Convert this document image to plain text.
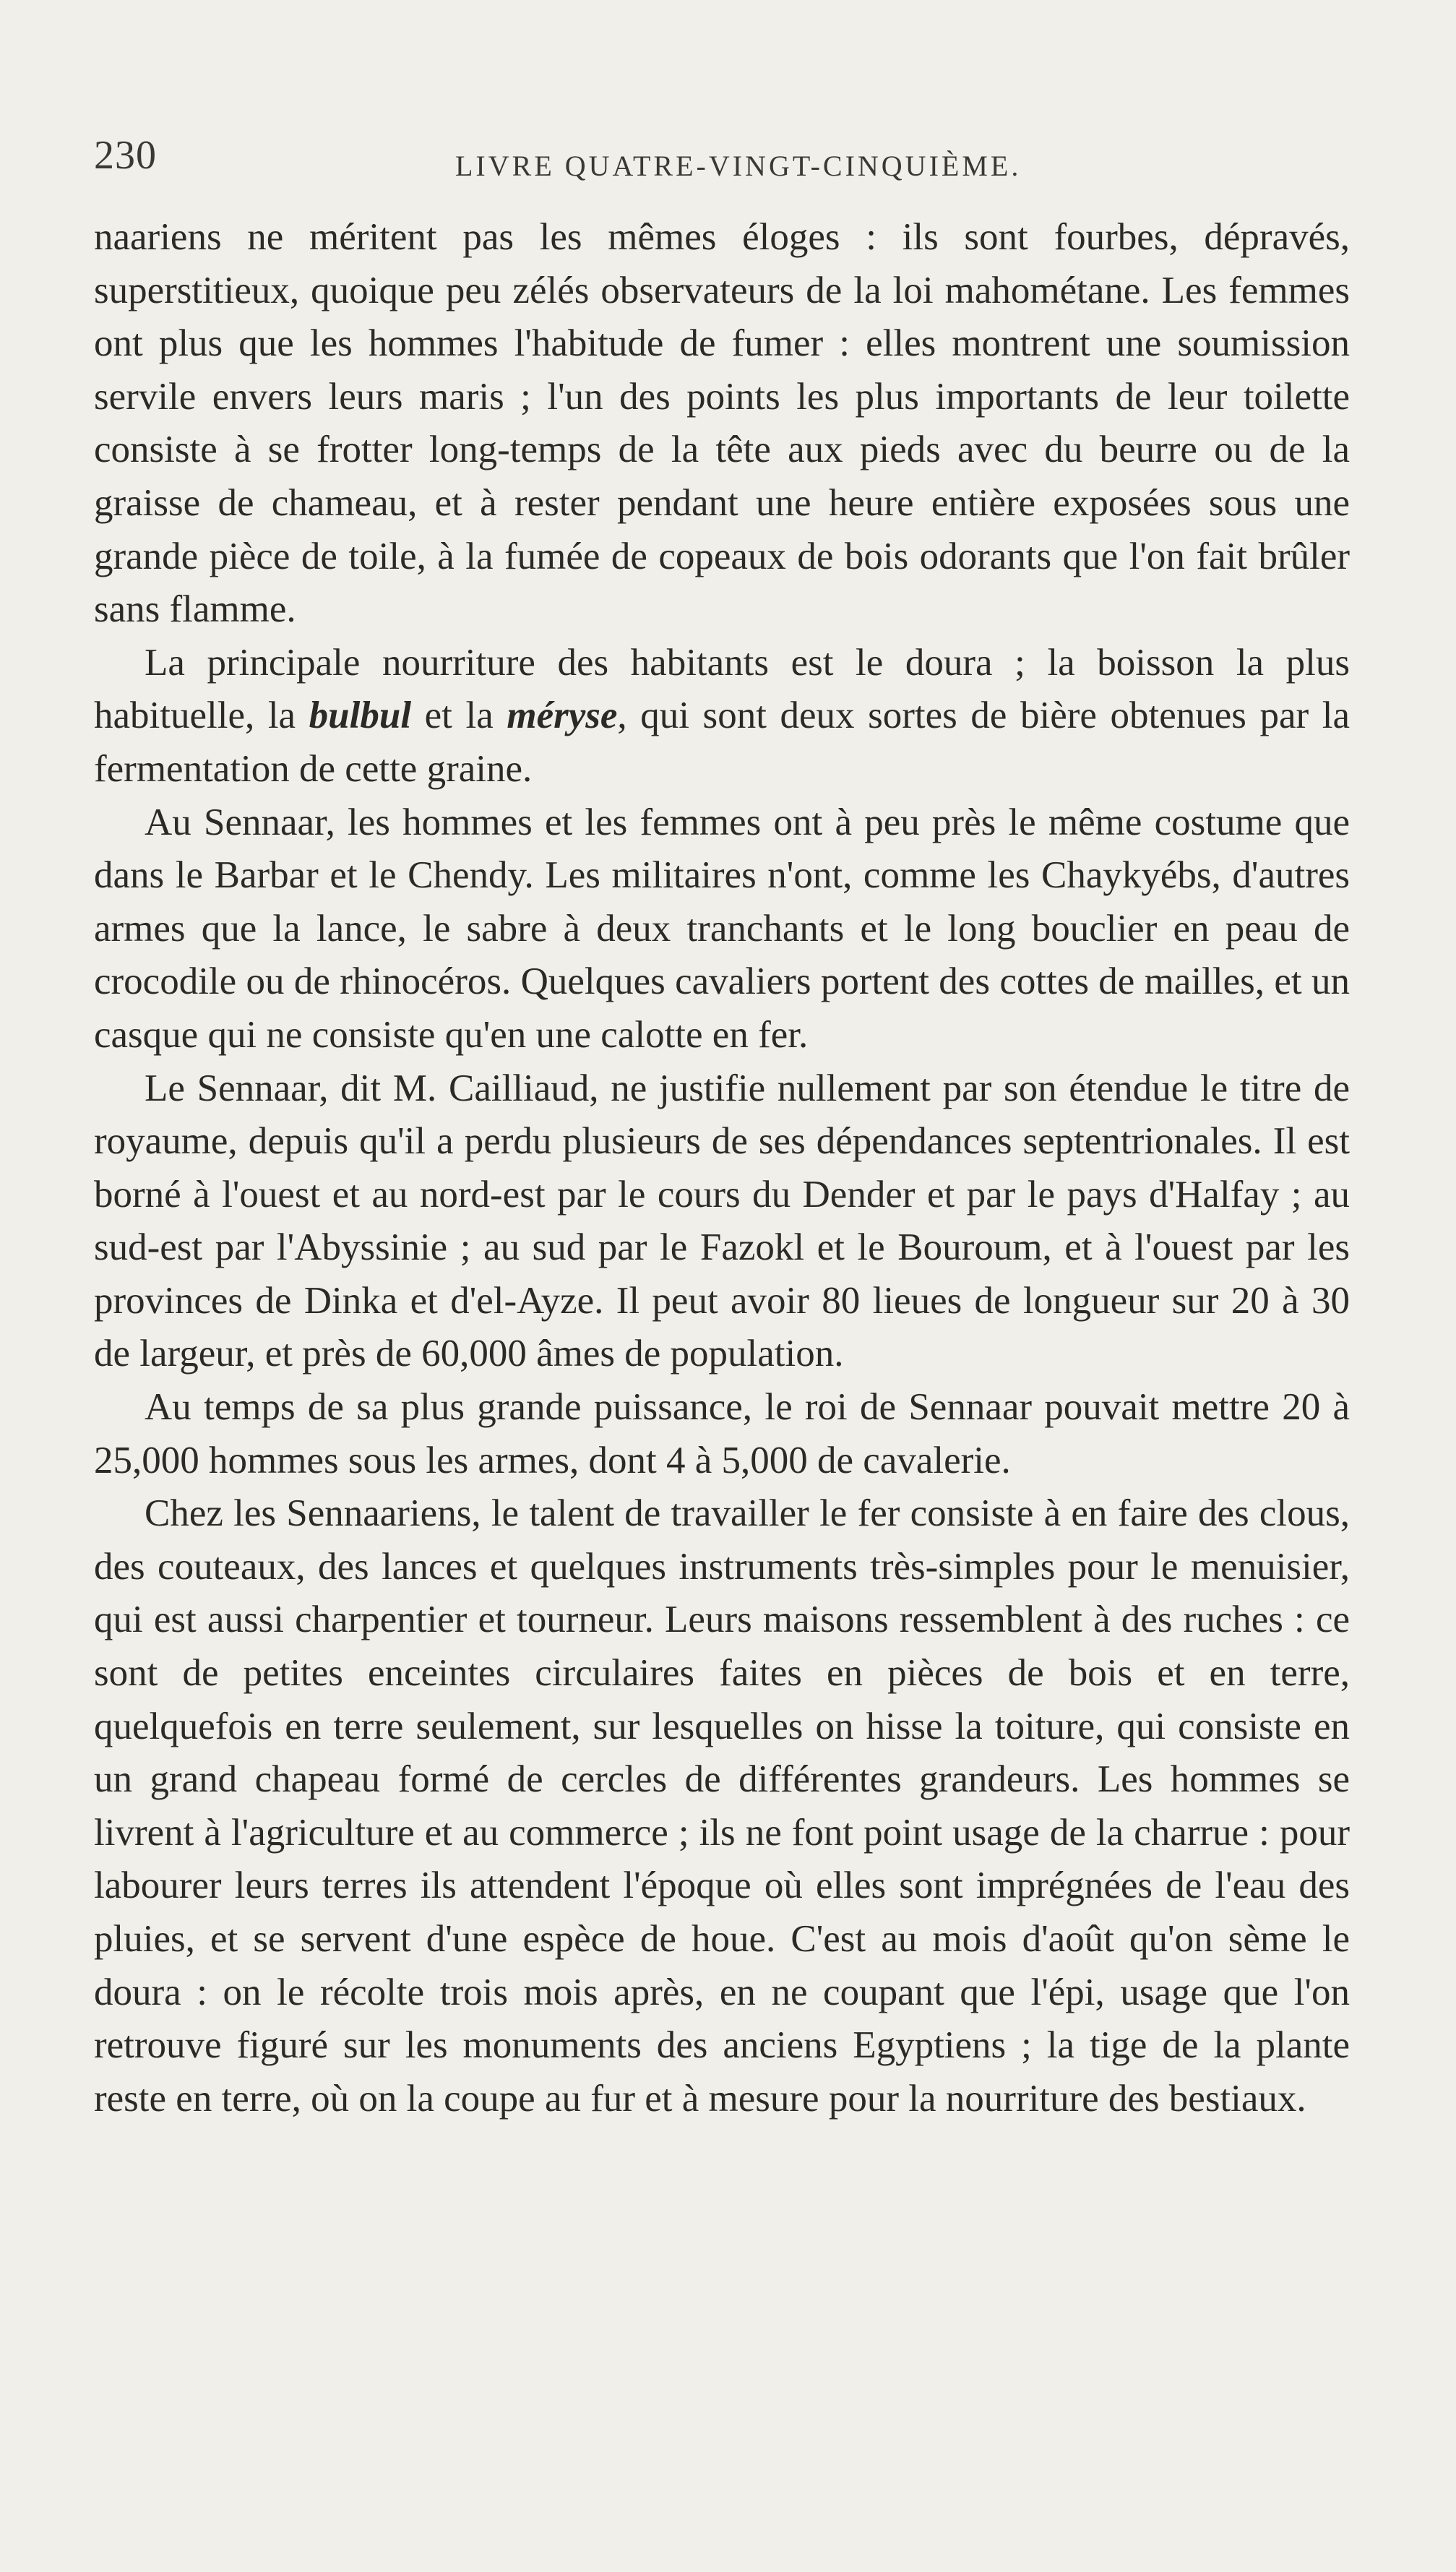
230	LIVRE QUATRE-VINGT-CINQUIÈME.

naariens ne méritent pas les mêmes éloges : ils sont fourbes, dépravés, superstitieux, quoique peu zélés observateurs de la loi mahométane. Les femmes ont plus que les hommes l'habitude de fumer : elles montrent une soumission servile envers leurs maris ; l'un des points les plus importants de leur toilette consiste à se frotter long-temps de la tête aux pieds avec du beurre ou de la graisse de chameau, et à rester pendant une heure entière exposées sous une grande pièce de toile, à la fumée de copeaux de bois odorants que l'on fait brûler sans flamme.

La principale nourriture des habitants est le doura ; la boisson la plus habituelle, la bulbul et la méryse, qui sont deux sortes de bière obtenues par la fermentation de cette graine.

Au Sennaar, les hommes et les femmes ont à peu près le même costume que dans le Barbar et le Chendy. Les militaires n'ont, comme les Chaykyébs, d'autres armes que la lance, le sabre à deux tranchants et le long bouclier en peau de crocodile ou de rhinocéros. Quelques cavaliers portent des cottes de mailles, et un casque qui ne consiste qu'en une calotte en fer.

Le Sennaar, dit M. Cailliaud, ne justifie nullement par son étendue le titre de royaume, depuis qu'il a perdu plusieurs de ses dépendances septentrionales. Il est borné à l'ouest et au nord-est par le cours du Dender et par le pays d'Halfay ; au sud-est par l'Abyssinie ; au sud par le Fazokl et le Bouroum, et à l'ouest par les provinces de Dinka et d'el-Ayze. Il peut avoir 80 lieues de longueur sur 20 à 30 de largeur, et près de 60,000 âmes de population.

Au temps de sa plus grande puissance, le roi de Sennaar pouvait mettre 20 à 25,000 hommes sous les armes, dont 4 à 5,000 de cavalerie.

Chez les Sennaariens, le talent de travailler le fer consiste à en faire des clous, des couteaux, des lances et quelques instruments très-simples pour le menuisier, qui est aussi charpentier et tourneur. Leurs maisons ressemblent à des ruches : ce sont de petites enceintes circulaires faites en pièces de bois et en terre, quelquefois en terre seulement, sur lesquelles on hisse la toiture, qui consiste en un grand chapeau formé de cercles de différentes grandeurs. Les hommes se livrent à l'agriculture et au commerce ; ils ne font point usage de la charrue : pour labourer leurs terres ils attendent l'époque où elles sont imprégnées de l'eau des pluies, et se servent d'une espèce de houe. C'est au mois d'août qu'on sème le doura : on le récolte trois mois après, en ne coupant que l'épi, usage que l'on retrouve figuré sur les monuments des anciens Egyptiens ; la tige de la plante reste en terre, où on la coupe au fur et à mesure pour la nourriture des bestiaux.
